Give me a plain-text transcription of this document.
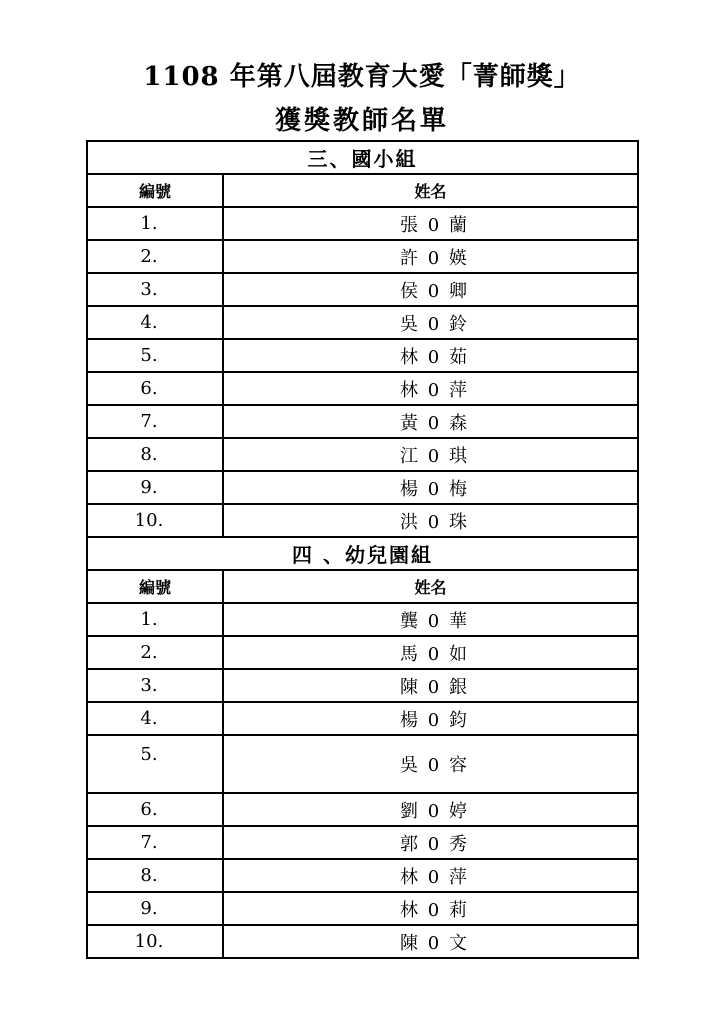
1108 年第八屆教育大愛「菁師獎」
獲獎教師名單
三、國小組	
編號	姓名
1.	張 0 蘭
2.	許 0 媖
3.	侯 0 卿
4.	吳 0 鈴
5.	林 0 茹
6.	林 0 萍
7.	黃 0 森
8.	江 0 琪
9.	楊 0 梅
10.	洪 0 珠
四 、幼兒園組	
編號	姓名
1.	龔 0 華
2.	馬 0 如
3.	陳 0 銀
4.	楊 0 鈞
5.	吳 0 容
6.	劉 0 婷
7.	郭 0 秀
8.	林 0 萍
9.	林 0 莉
10.	陳 0 文
